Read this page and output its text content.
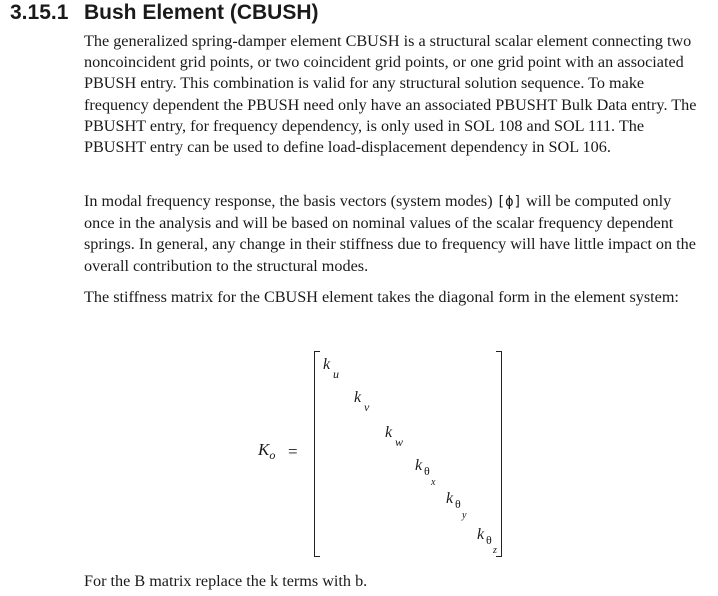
3.15.1 Bush Element (CBUSH)

The generalized spring-damper element CBUSH is a structural scalar element connecting two noncoincident grid points, or two coincident grid points, or one grid point with an associated PBUSH entry. This combination is valid for any structural solution sequence. To make frequency dependent the PBUSH need only have an associated PBUSHT Bulk Data entry. The PBUSHT entry, for frequency dependency, is only used in SOL 108 and SOL 111. The PBUSHT entry can be used to define load-displacement dependency in SOL 106.

In modal frequency response, the basis vectors (system modes) [ϕ] will be computed only once in the analysis and will be based on nominal values of the scalar frequency dependent springs. In general, any change in their stiffness due to frequency will have little impact on the overall contribution to the structural modes.

The stiffness matrix for the CBUSH element takes the diagonal form in the element system:

$K_o$ =
k
u
k
v
k
w
k θ
x
k θ
y
k θ
z

For the B matrix replace the k terms with b.
